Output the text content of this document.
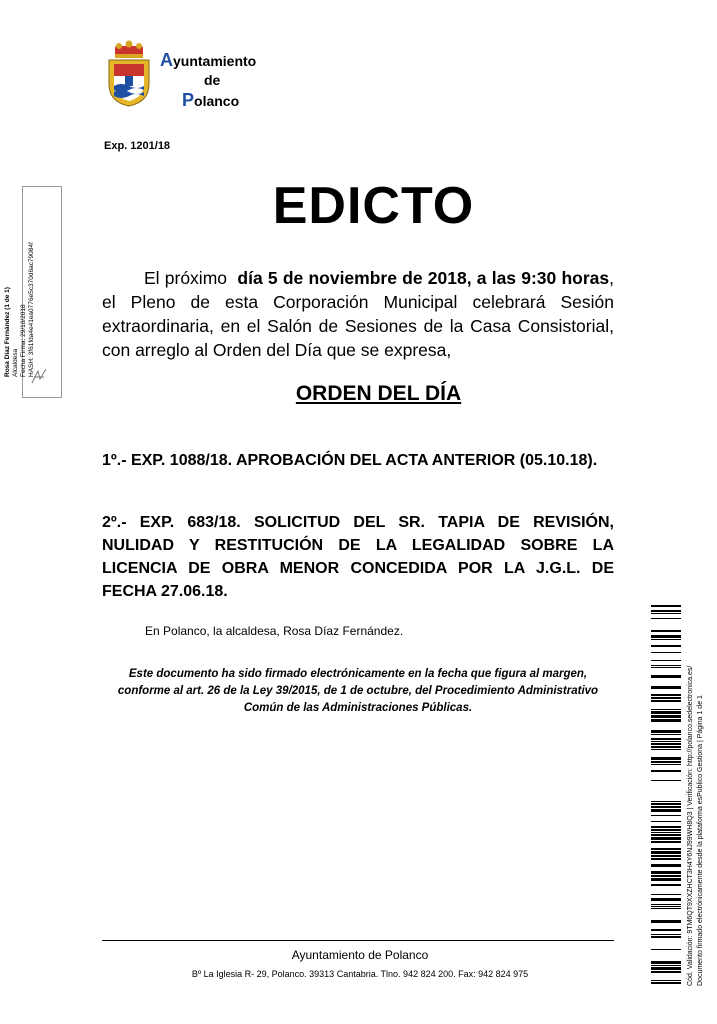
Ayuntamiento
de
Polanco
Exp. 1201/18
EDICTO
El próximo día 5 de noviembre de 2018, a las 9:30 horas, el Pleno de esta Corporación Municipal celebrará Sesión extraordinaria, en el Salón de Sesiones de la Casa Consistorial, con arreglo al Orden del Día que se expresa,
ORDEN DEL DÍA
1º.- EXP. 1088/18. APROBACIÓN DEL ACTA ANTERIOR (05.10.18).
2º.- EXP. 683/18. SOLICITUD DEL SR. TAPIA DE REVISIÓN, NULIDAD Y RESTITUCIÓN DE LA LEGALIDAD SOBRE LA LICENCIA DE OBRA MENOR CONCEDIDA POR LA J.G.L. DE FECHA 27.06.18.
En Polanco, la alcaldesa, Rosa Díaz Fernández.
Este documento ha sido firmado electrónicamente en la fecha que figura al margen, conforme al art. 26 de la Ley 39/2015, de 1 de octubre, del Procedimiento Administrativo Común de las Administraciones Públicas.
Ayuntamiento de Polanco
Bº La Iglesia R- 29, Polanco. 39313 Cantabria. Tlno. 942 824 200. Fax: 942 824 975
Rosa Díaz Fernández (1 de 1) Alcaldesa Fecha Firma: 29/10/2018 HASH: 3f61fda4e41ea0776e5c370d6ac79084f
Cód. Validación: 9TM6QT9XXZHCT3H4Y6NJ99WH8Q3 | Verificación: http://polanco.sedelectronica.es/ Documento firmado electrónicamente desde la plataforma esPublico Gestiona | Página 1 de 1
